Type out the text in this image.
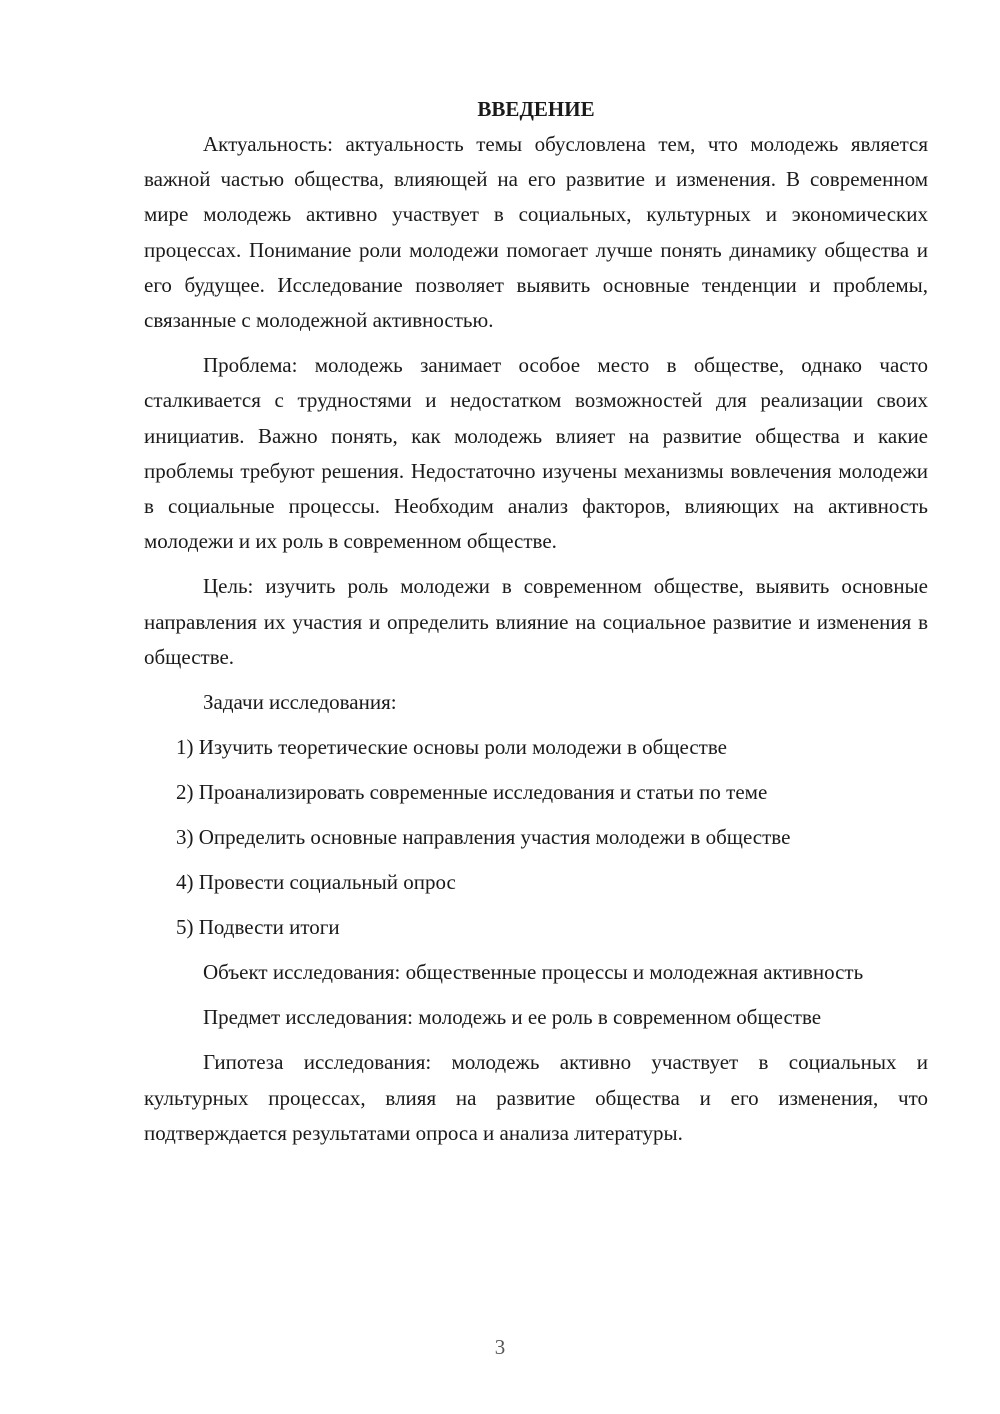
ВВЕДЕНИЕ

Актуальность: актуальность темы обусловлена тем, что молодежь является важной частью общества, влияющей на его развитие и изменения. В современном мире молодежь активно участвует в социальных, культурных и экономических процессах. Понимание роли молодежи помогает лучше понять динамику общества и его будущее. Исследование позволяет выявить основные тенденции и проблемы, связанные с молодежной активностью.

Проблема: молодежь занимает особое место в обществе, однако часто сталкивается с трудностями и недостатком возможностей для реализации своих инициатив. Важно понять, как молодежь влияет на развитие общества и какие проблемы требуют решения. Недостаточно изучены механизмы вовлечения молодежи в социальные процессы. Необходим анализ факторов, влияющих на активность молодежи и их роль в современном обществе.

Цель: изучить роль молодежи в современном обществе, выявить основные направления их участия и определить влияние на социальное развитие и изменения в обществе.

Задачи исследования:
1) Изучить теоретические основы роли молодежи в обществе
2) Проанализировать современные исследования и статьи по теме
3) Определить основные направления участия молодежи в обществе
4) Провести социальный опрос
5) Подвести итоги

Объект исследования: общественные процессы и молодежная активность

Предмет исследования: молодежь и ее роль в современном обществе

Гипотеза исследования: молодежь активно участвует в социальных и культурных процессах, влияя на развитие общества и его изменения, что подтверждается результатами опроса и анализа литературы.

3
